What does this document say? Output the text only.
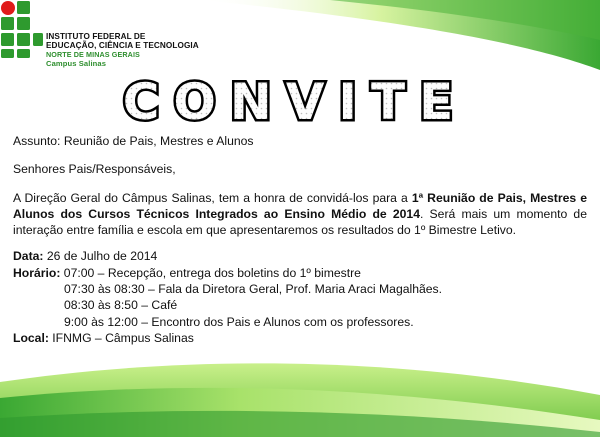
INSTITUTO FEDERAL DE
EDUCAÇÃO, CIÊNCIA E TECNOLOGIA
NORTE DE MINAS GERAIS
Campus Salinas
CONVITE

Assunto: Reunião de Pais, Mestres e Alunos

Senhores Pais/Responsáveis,

A Direção Geral do Câmpus Salinas, tem a honra de convidá-los para a 1ª Reunião de Pais, Mestres e Alunos dos Cursos Técnicos Integrados ao Ensino Médio de 2014. Será mais um momento de interação entre família e escola em que apresentaremos os resultados do 1º Bimestre Letivo.

Data: 26 de Julho de 2014

Horário: 07:00 – Recepção, entrega dos boletins do 1º bimestre

07:30 às 08:30 – Fala da Diretora Geral, Prof. Maria Araci Magalhães.

08:30 às 8:50 – Café

9:00 às 12:00 – Encontro dos Pais e Alunos com os professores.

Local: IFNMG – Câmpus Salinas
